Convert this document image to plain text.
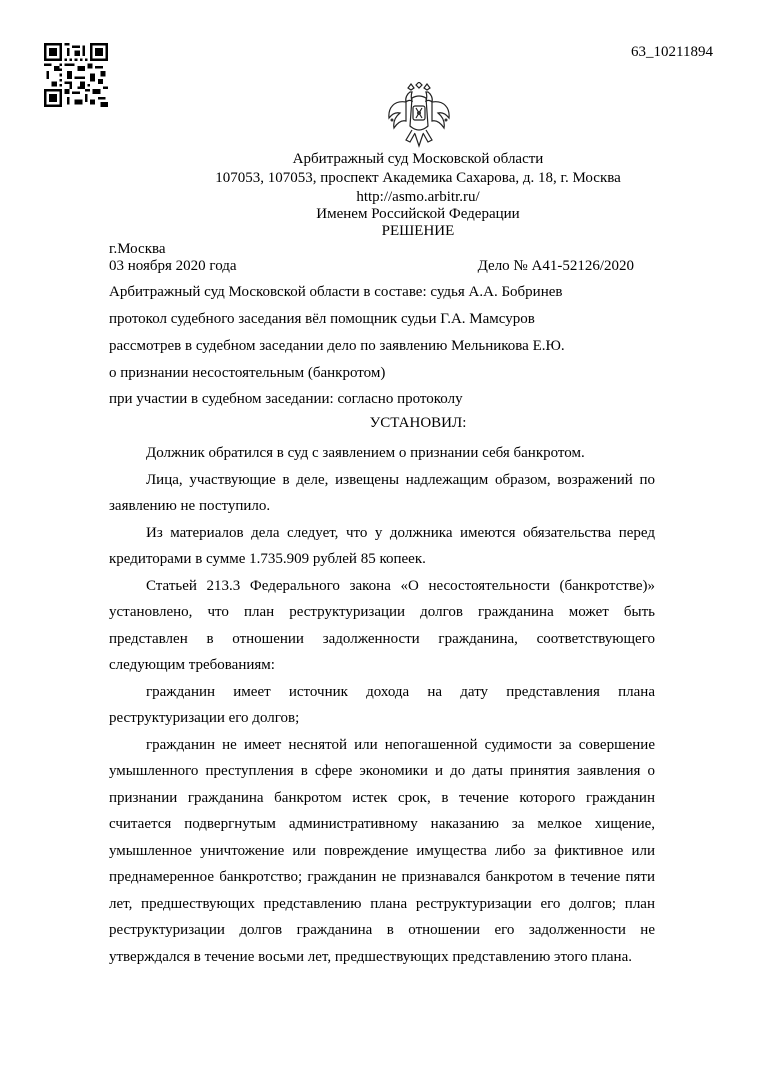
63_10211894
Арбитражный суд Московской области
107053, 107053, проспект Академика Сахарова, д. 18, г. Москва
http://asmo.arbitr.ru/
Именем Российской Федерации
РЕШЕНИЕ
г.Москва
03 ноября 2020 года	Дело № А41-52126/2020
Арбитражный суд Московской области в составе: судья А.А. Бобринев
протокол судебного заседания вёл помощник судьи Г.А. Мамсуров
рассмотрев в судебном заседании дело по заявлению Мельникова Е.Ю.
о признании несостоятельным (банкротом)
при участии в судебном заседании: согласно протоколу
УСТАНОВИЛ:

Должник обратился в суд с заявлением о признании себя банкротом.

Лица, участвующие в деле, извещены надлежащим образом, возражений по заявлению не поступило.

Из материалов дела следует, что у должника имеются обязательства перед кредиторами в сумме 1.735.909 рублей 85 копеек.

Статьей 213.3 Федерального закона «О несостоятельности (банкротстве)» установлено, что план реструктуризации долгов гражданина может быть представлен в отношении задолженности гражданина, соответствующего следующим требованиям:

гражданин имеет источник дохода на дату представления плана реструктуризации его долгов;

гражданин не имеет неснятой или непогашенной судимости за совершение умышленного преступления в сфере экономики и до даты принятия заявления о признании гражданина банкротом истек срок, в течение которого гражданин считается подвергнутым административному наказанию за мелкое хищение, умышленное уничтожение или повреждение имущества либо за фиктивное или преднамеренное банкротство; гражданин не признавался банкротом в течение пяти лет, предшествующих представлению плана реструктуризации его долгов; план реструктуризации долгов гражданина в отношении его задолженности не утверждался в течение восьми лет, предшествующих представлению этого плана.
